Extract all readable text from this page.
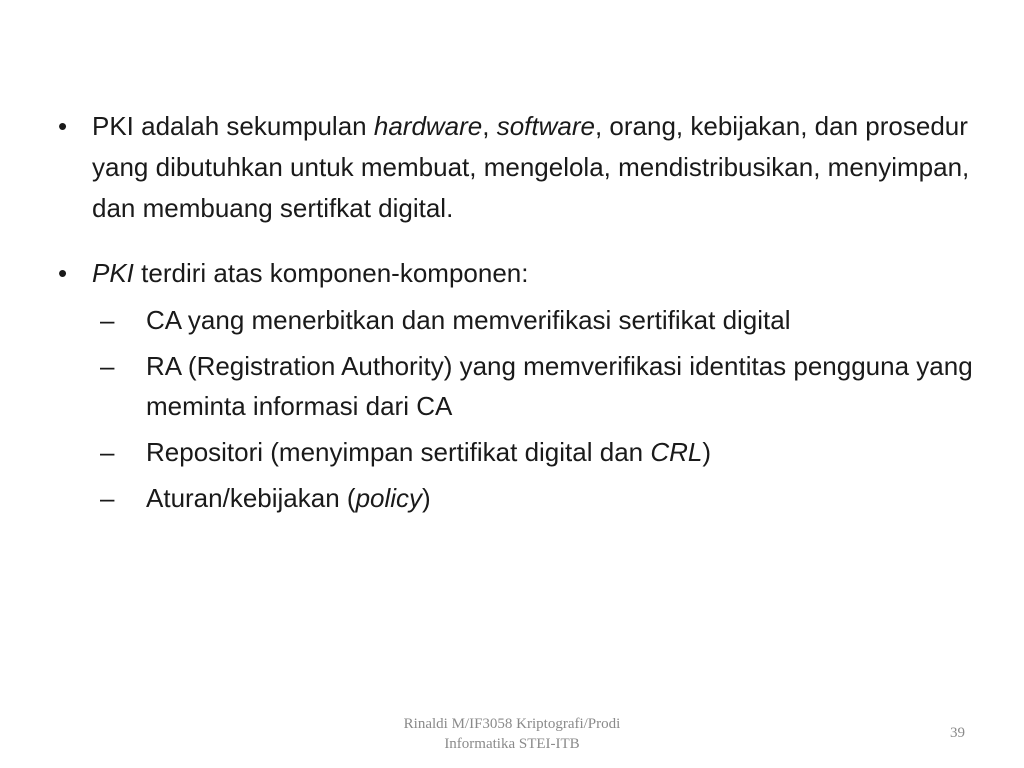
• PKI adalah sekumpulan hardware, software, orang, kebijakan, dan prosedur yang dibutuhkan untuk membuat, mengelola, mendistribusikan, menyimpan, dan membuang sertifkat digital.
• PKI terdiri atas komponen-komponen:
– CA yang menerbitkan dan memverifikasi sertifikat digital
– RA (Registration Authority) yang memverifikasi identitas pengguna yang meminta informasi dari CA
– Repositori (menyimpan sertifikat digital dan CRL)
– Aturan/kebijakan (policy)
Rinaldi M/IF3058 Kriptografi/Prodi
Informatika STEI-ITB
39
